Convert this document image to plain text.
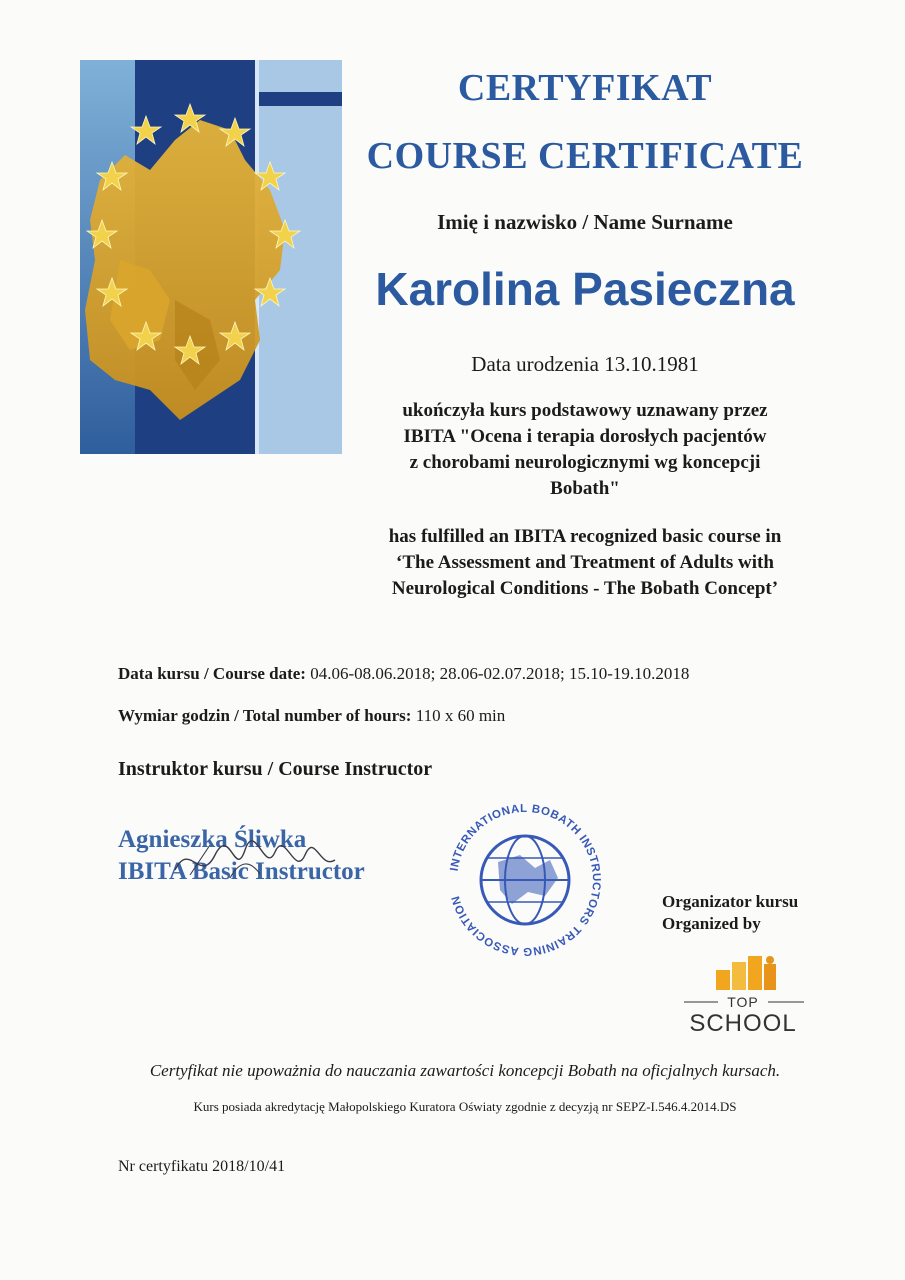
CERTYFIKAT
COURSE CERTIFICATE
Imię i nazwisko / Name Surname
Karolina Pasieczna
Data urodzenia 13.10.1981
ukończyła kurs podstawowy uznawany przez
IBITA "Ocena i terapia dorosłych pacjentów
z chorobami neurologicznymi wg koncepcji
Bobath"
has fulfilled an IBITA recognized basic course in
‘The Assessment and Treatment of Adults with
Neurological Conditions - The Bobath Concept’
Data kursu / Course date: 04.06-08.06.2018; 28.06-02.07.2018; 15.10-19.10.2018
Wymiar godzin / Total number of hours: 110 x 60 min
Instruktor kursu / Course Instructor
Agnieszka Śliwka
IBITA Basic Instructor	INTERNATIONAL BOBATH INSTRUCTORS TRAINING ASSOCIATION	Organizator kursu
Organized by
TOP
SCHOOL
Certyfikat nie upoważnia do nauczania zawartości koncepcji Bobath na oficjalnych kursach.
Kurs posiada akredytację Małopolskiego Kuratora Oświaty zgodnie z decyzją nr SEPZ-I.546.4.2014.DS
Nr certyfikatu 2018/10/41
